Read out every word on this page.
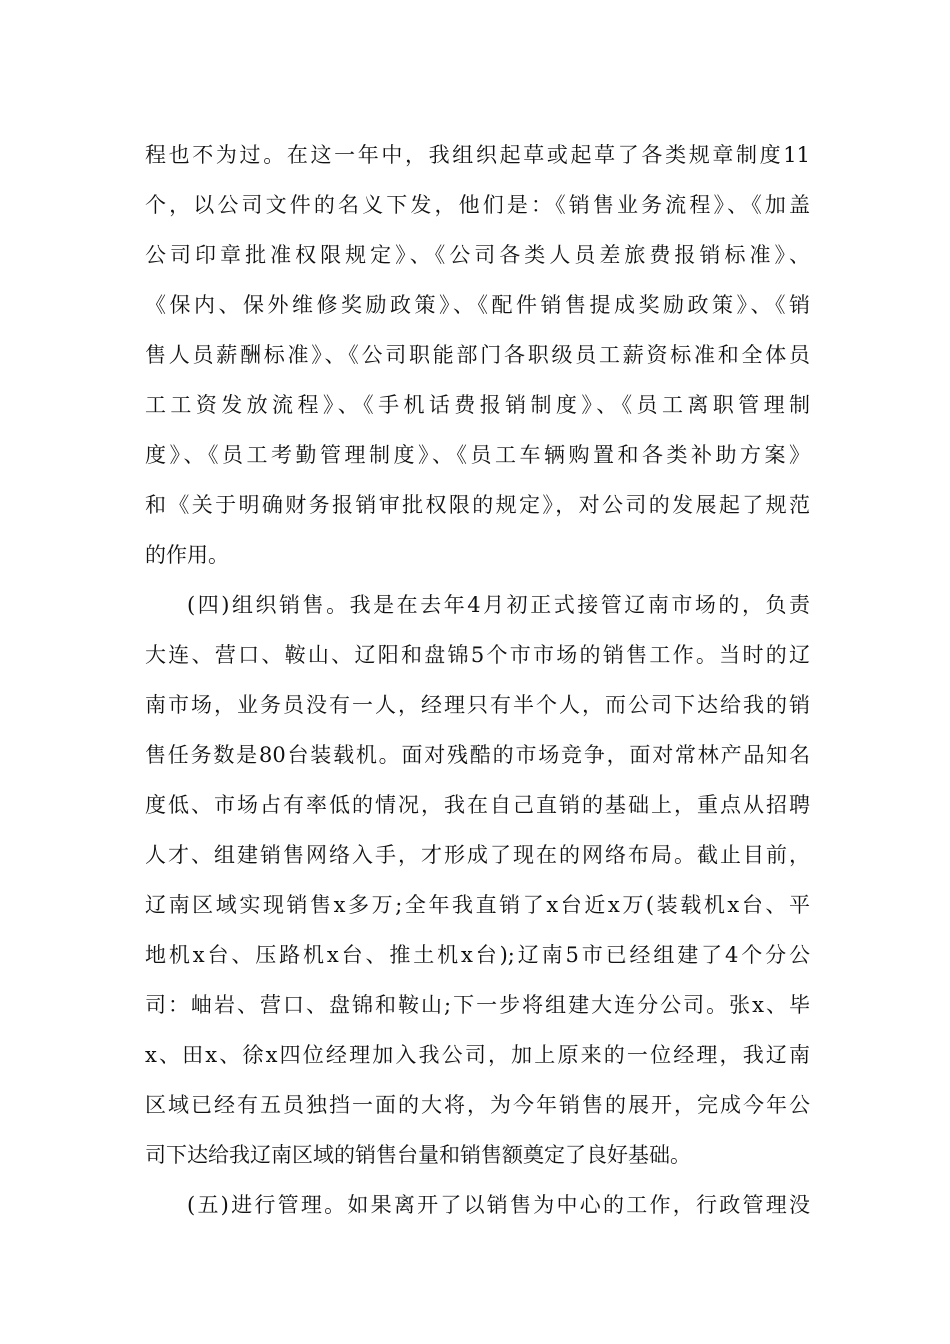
程也不为过。在这一年中，我组织起草或起草了各类规章制度11
个，以公司文件的名义下发，他们是：《销售业务流程》、《加盖
公司印章批准权限规定》、《公司各类人员差旅费报销标准》、
《保内、保外维修奖励政策》、《配件销售提成奖励政策》、《销
售人员薪酬标准》、《公司职能部门各职级员工薪资标准和全体员
工工资发放流程》、《手机话费报销制度》、《员工离职管理制
度》、《员工考勤管理制度》、《员工车辆购置和各类补助方案》
和《关于明确财务报销审批权限的规定》，对公司的发展起了规范
的作用。
(四)组织销售。我是在去年4月初正式接管辽南市场的，负责
大连、营口、鞍山、辽阳和盘锦5个市市场的销售工作。当时的辽
南市场，业务员没有一人，经理只有半个人，而公司下达给我的销
售任务数是80台装载机。面对残酷的市场竞争，面对常林产品知名
度低、市场占有率低的情况，我在自己直销的基础上，重点从招聘
人才、组建销售网络入手，才形成了现在的网络布局。截止目前，
辽南区域实现销售x多万;全年我直销了x台近x万(装载机x台、平
地机x台、压路机x台、推土机x台);辽南5市已经组建了4个分公
司：岫岩、营口、盘锦和鞍山;下一步将组建大连分公司。张x、毕
x、田x、徐x四位经理加入我公司，加上原来的一位经理，我辽南
区域已经有五员独挡一面的大将，为今年销售的展开，完成今年公
司下达给我辽南区域的销售台量和销售额奠定了良好基础。
(五)进行管理。如果离开了以销售为中心的工作，行政管理没
